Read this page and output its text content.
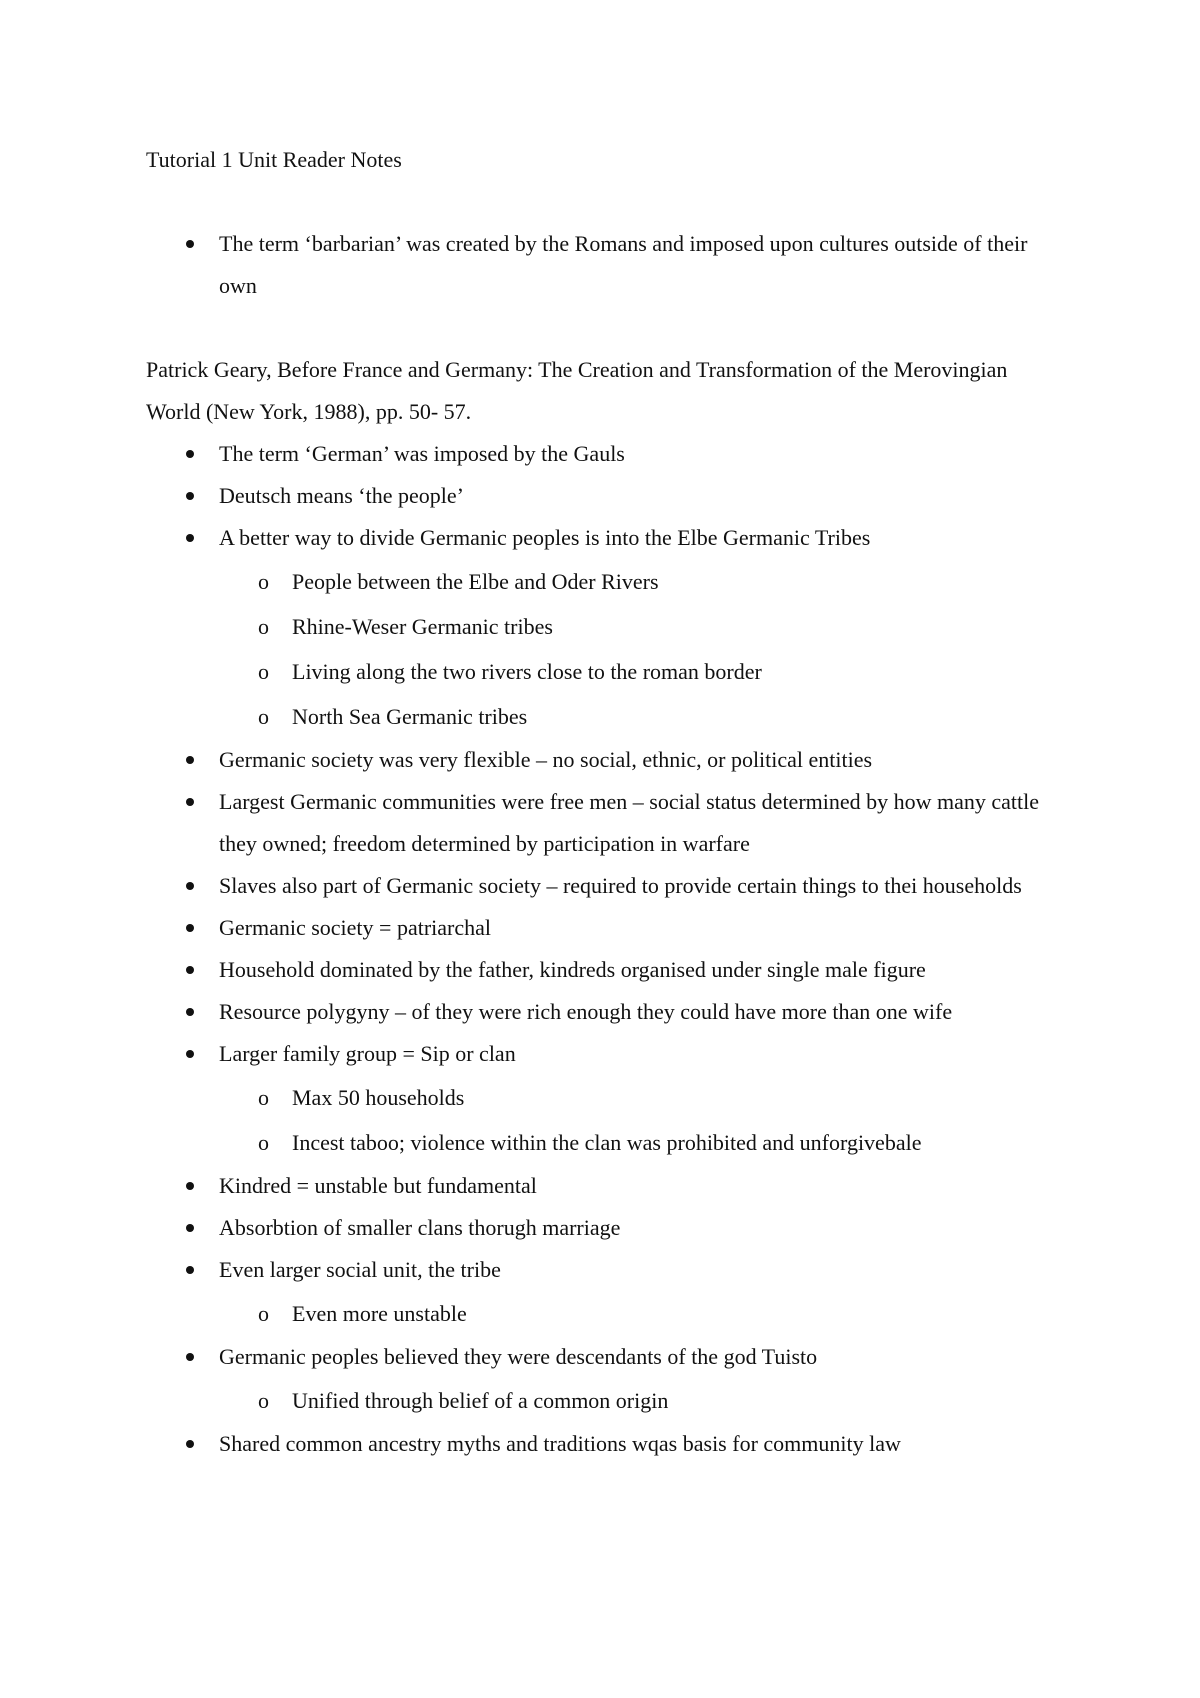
Tutorial 1 Unit Reader Notes

The term ‘barbarian’ was created by the Romans and imposed upon cultures outside of their own

Patrick Geary, Before France and Germany: The Creation and Transformation of the Merovingian World (New York, 1988), pp. 50- 57.

The term ‘German’ was imposed by the Gauls
Deutsch means ‘the people’
A better way to divide Germanic peoples is into the Elbe Germanic Tribes
o People between the Elbe and Oder Rivers
o Rhine-Weser Germanic tribes
o Living along the two rivers close to the roman border
o North Sea Germanic tribes
Germanic society was very flexible – no social, ethnic, or political entities
Largest Germanic communities were free men – social status determined by how many cattle they owned; freedom determined by participation in warfare
Slaves also part of Germanic society – required to provide certain things to thei households
Germanic society = patriarchal
Household dominated by the father, kindreds organised under single male figure
Resource polygyny – of they were rich enough they could have more than one wife
Larger family group = Sip or clan
o Max 50 households
o Incest taboo; violence within the clan was prohibited and unforgivebale
Kindred = unstable but fundamental
Absorbtion of smaller clans thorugh marriage
Even larger social unit, the tribe
o Even more unstable
Germanic peoples believed they were descendants of the god Tuisto
o Unified through belief of a common origin
Shared common ancestry myths and traditions wqas basis for community law
